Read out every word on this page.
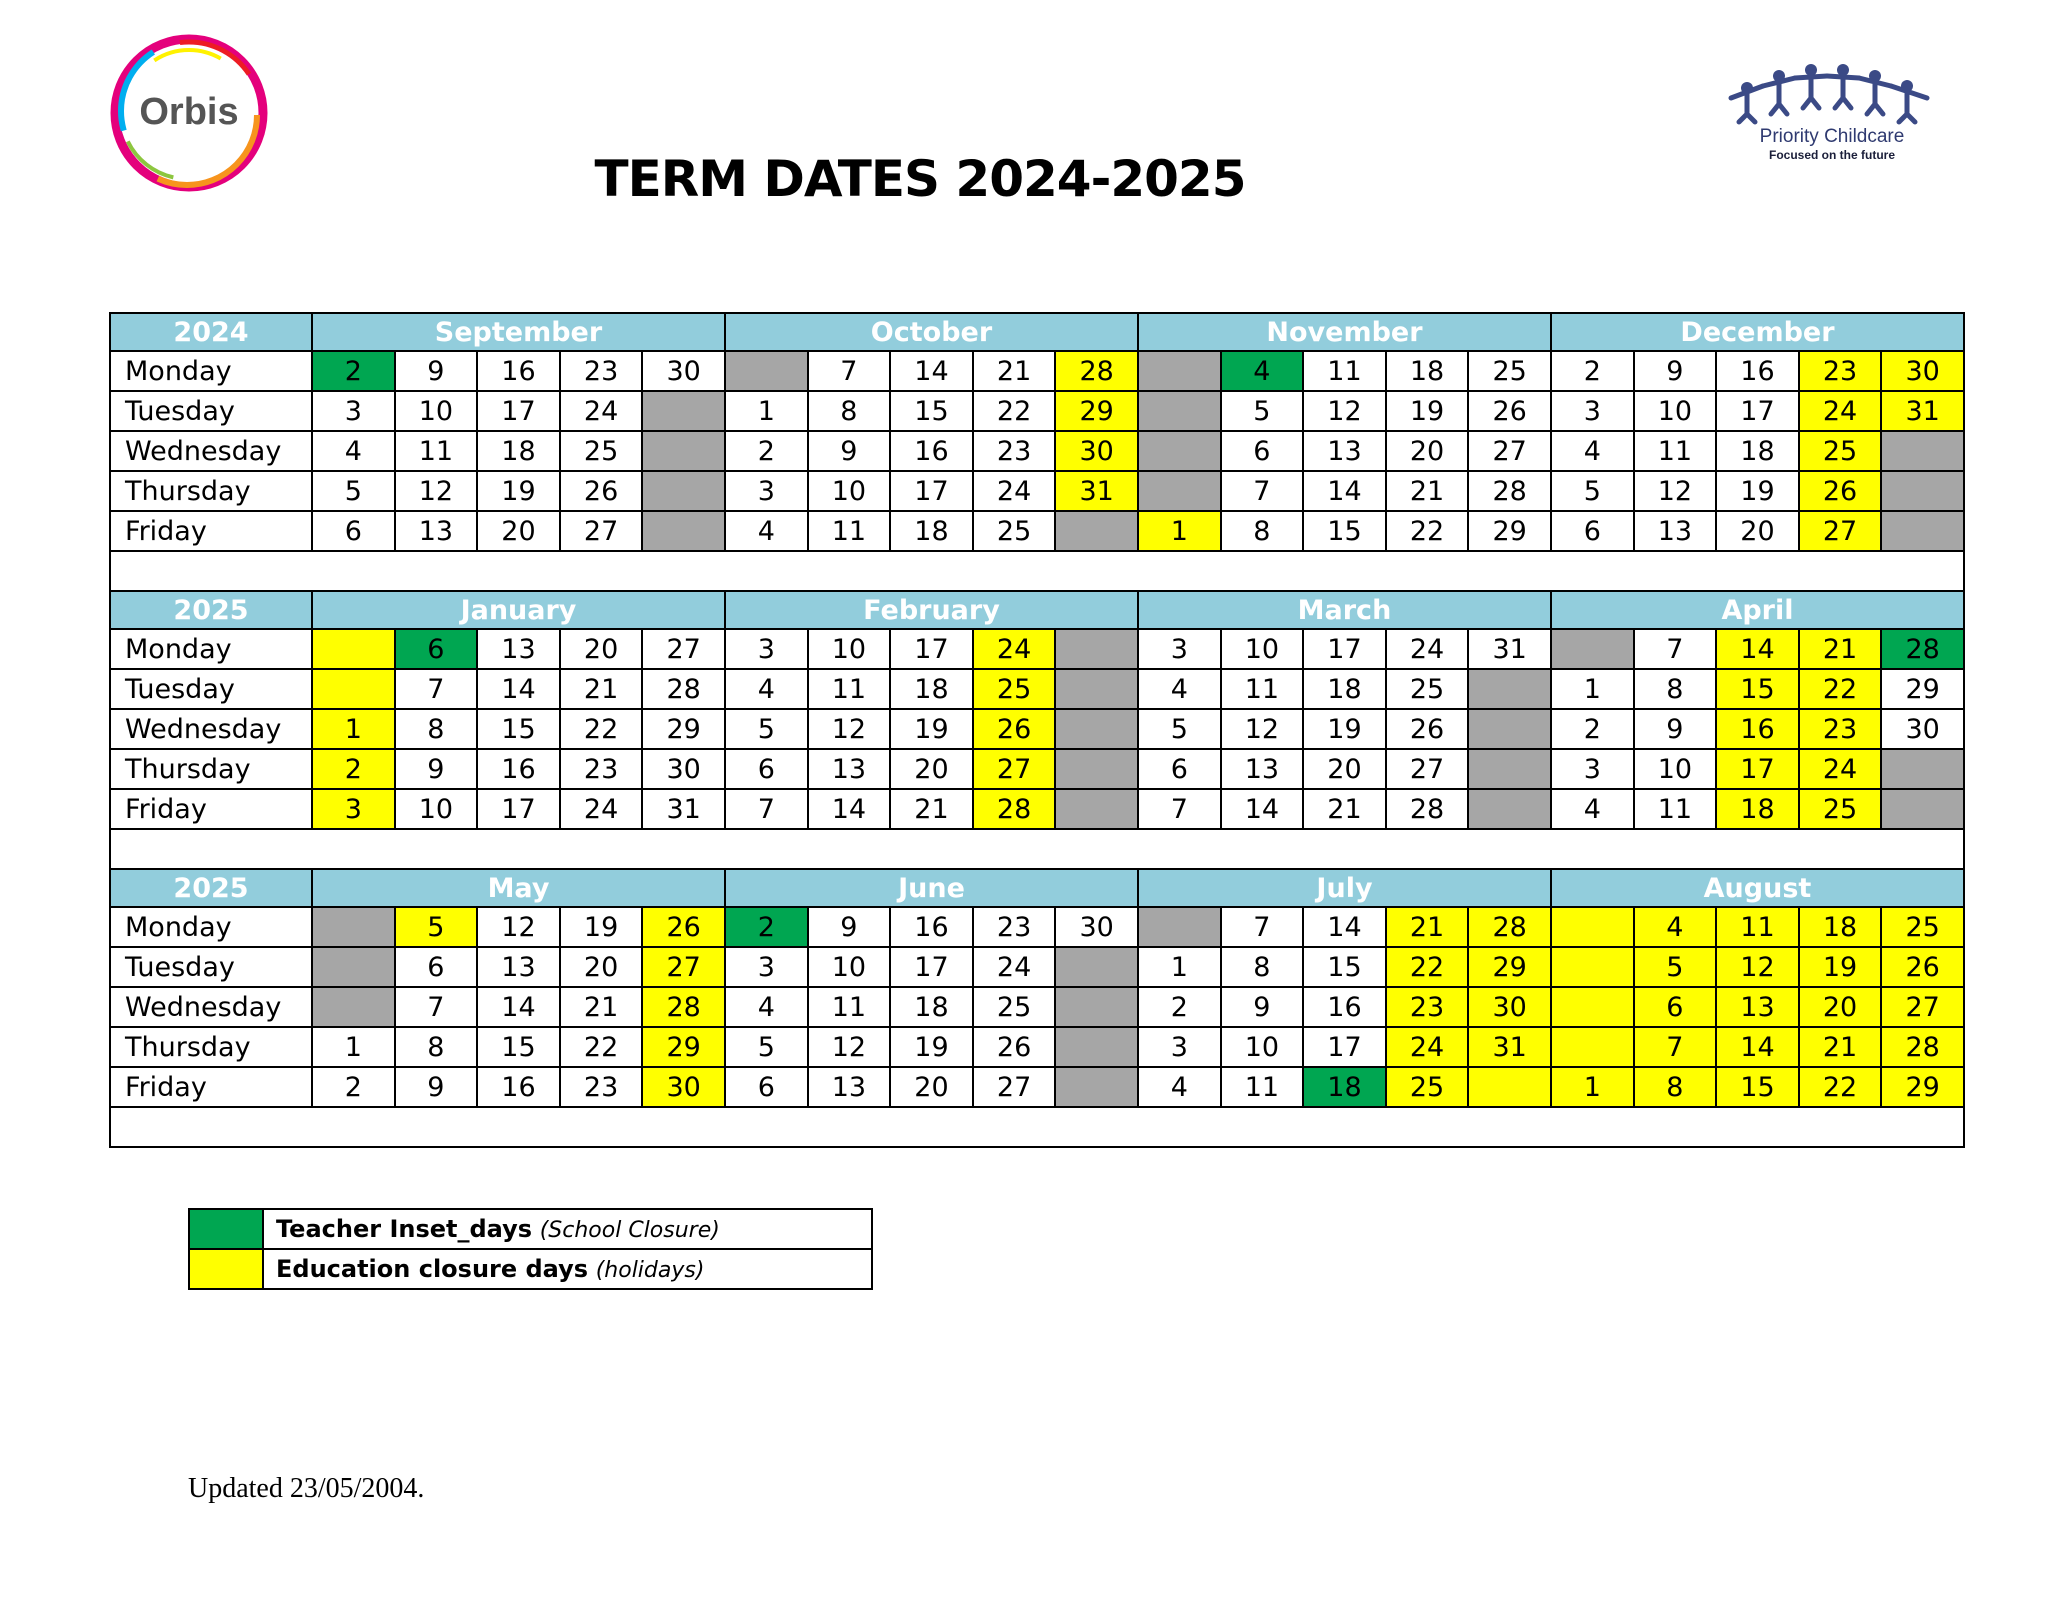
Orbis
Priority Childcare
Focused on the future
TERM DATES 2024-2025
2024	September					October					November					December				
Monday	2	9	16	23	30		7	14	21	28		4	11	18	25	2	9	16	23	30
Tuesday	3	10	17	24		1	8	15	22	29		5	12	19	26	3	10	17	24	31
Wednesday	4	11	18	25		2	9	16	23	30		6	13	20	27	4	11	18	25	
Thursday	5	12	19	26		3	10	17	24	31		7	14	21	28	5	12	19	26	
Friday	6	13	20	27		4	11	18	25		1	8	15	22	29	6	13	20	27	

2025	January					February					March					April				
Monday		6	13	20	27	3	10	17	24		3	10	17	24	31		7	14	21	28
Tuesday		7	14	21	28	4	11	18	25		4	11	18	25		1	8	15	22	29
Wednesday	1	8	15	22	29	5	12	19	26		5	12	19	26		2	9	16	23	30
Thursday	2	9	16	23	30	6	13	20	27		6	13	20	27		3	10	17	24	
Friday	3	10	17	24	31	7	14	21	28		7	14	21	28		4	11	18	25	

2025	May					June					July					August				
Monday		5	12	19	26	2	9	16	23	30		7	14	21	28		4	11	18	25
Tuesday		6	13	20	27	3	10	17	24		1	8	15	22	29		5	12	19	26
Wednesday		7	14	21	28	4	11	18	25		2	9	16	23	30		6	13	20	27
Thursday	1	8	15	22	29	5	12	19	26		3	10	17	24	31		7	14	21	28
Friday	2	9	16	23	30	6	13	20	27		4	11	18	25		1	8	15	22	29

	Teacher Inset_days (School Closure)
	Education closure days (holidays)

Updated 23/05/2004.
